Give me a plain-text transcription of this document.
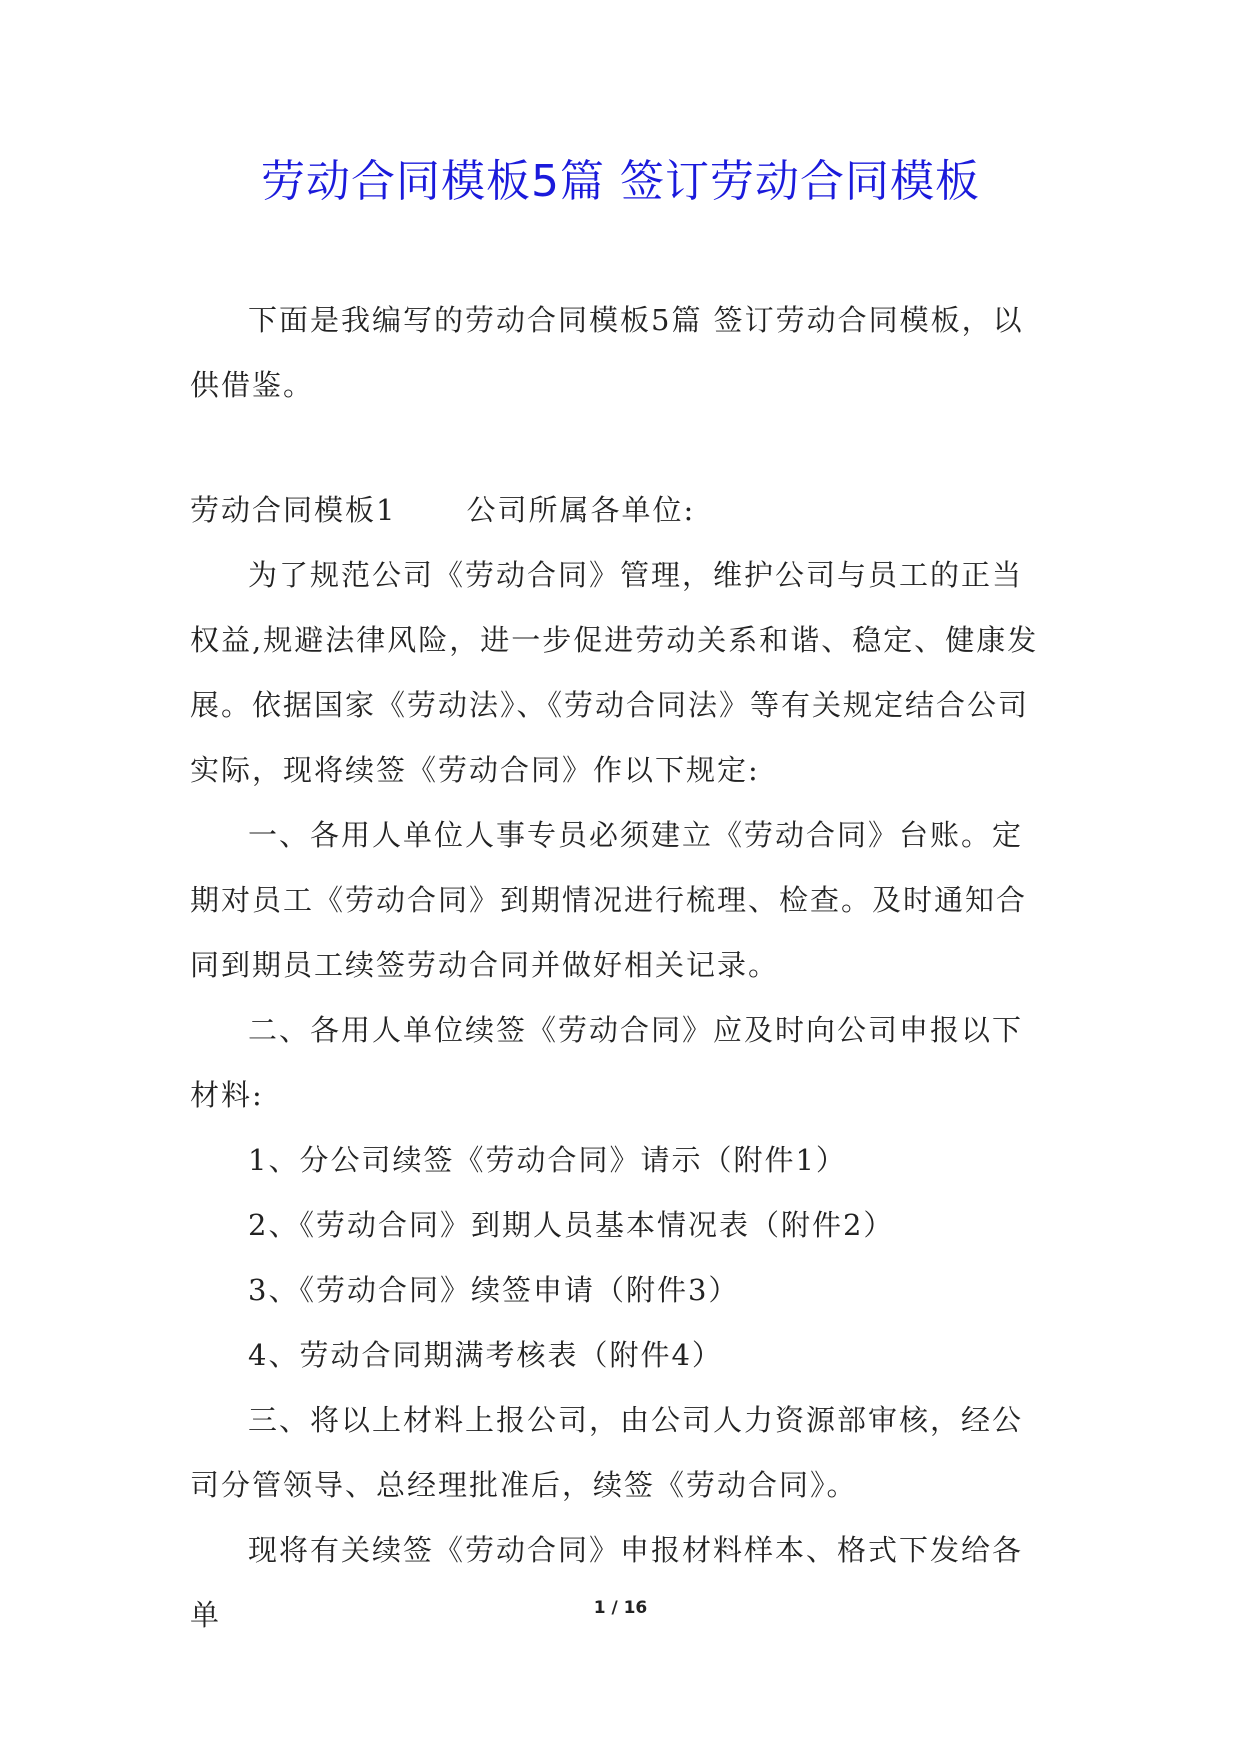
劳动合同模板5篇 签订劳动合同模板

下面是我编写的劳动合同模板5篇 签订劳动合同模板，以供借鉴。

劳动合同模板1 公司所属各单位:

为了规范公司《劳动合同》管理，维护公司与员工的正当权益,规避法律风险，进一步促进劳动关系和谐、稳定、健康发展。依据国家《劳动法》、《劳动合同法》等有关规定结合公司实际，现将续签《劳动合同》作以下规定:

一、各用人单位人事专员必须建立《劳动合同》台账。定期对员工《劳动合同》到期情况进行梳理、检查。及时通知合同到期员工续签劳动合同并做好相关记录。

二、各用人单位续签《劳动合同》应及时向公司申报以下材料:

1、分公司续签《劳动合同》请示（附件1）

2、《劳动合同》到期人员基本情况表（附件2）

3、《劳动合同》续签申请（附件3）

4、劳动合同期满考核表（附件4）

三、将以上材料上报公司，由公司人力资源部审核，经公司分管领导、总经理批准后，续签《劳动合同》。

现将有关续签《劳动合同》申报材料样本、格式下发给各单	1 / 16
